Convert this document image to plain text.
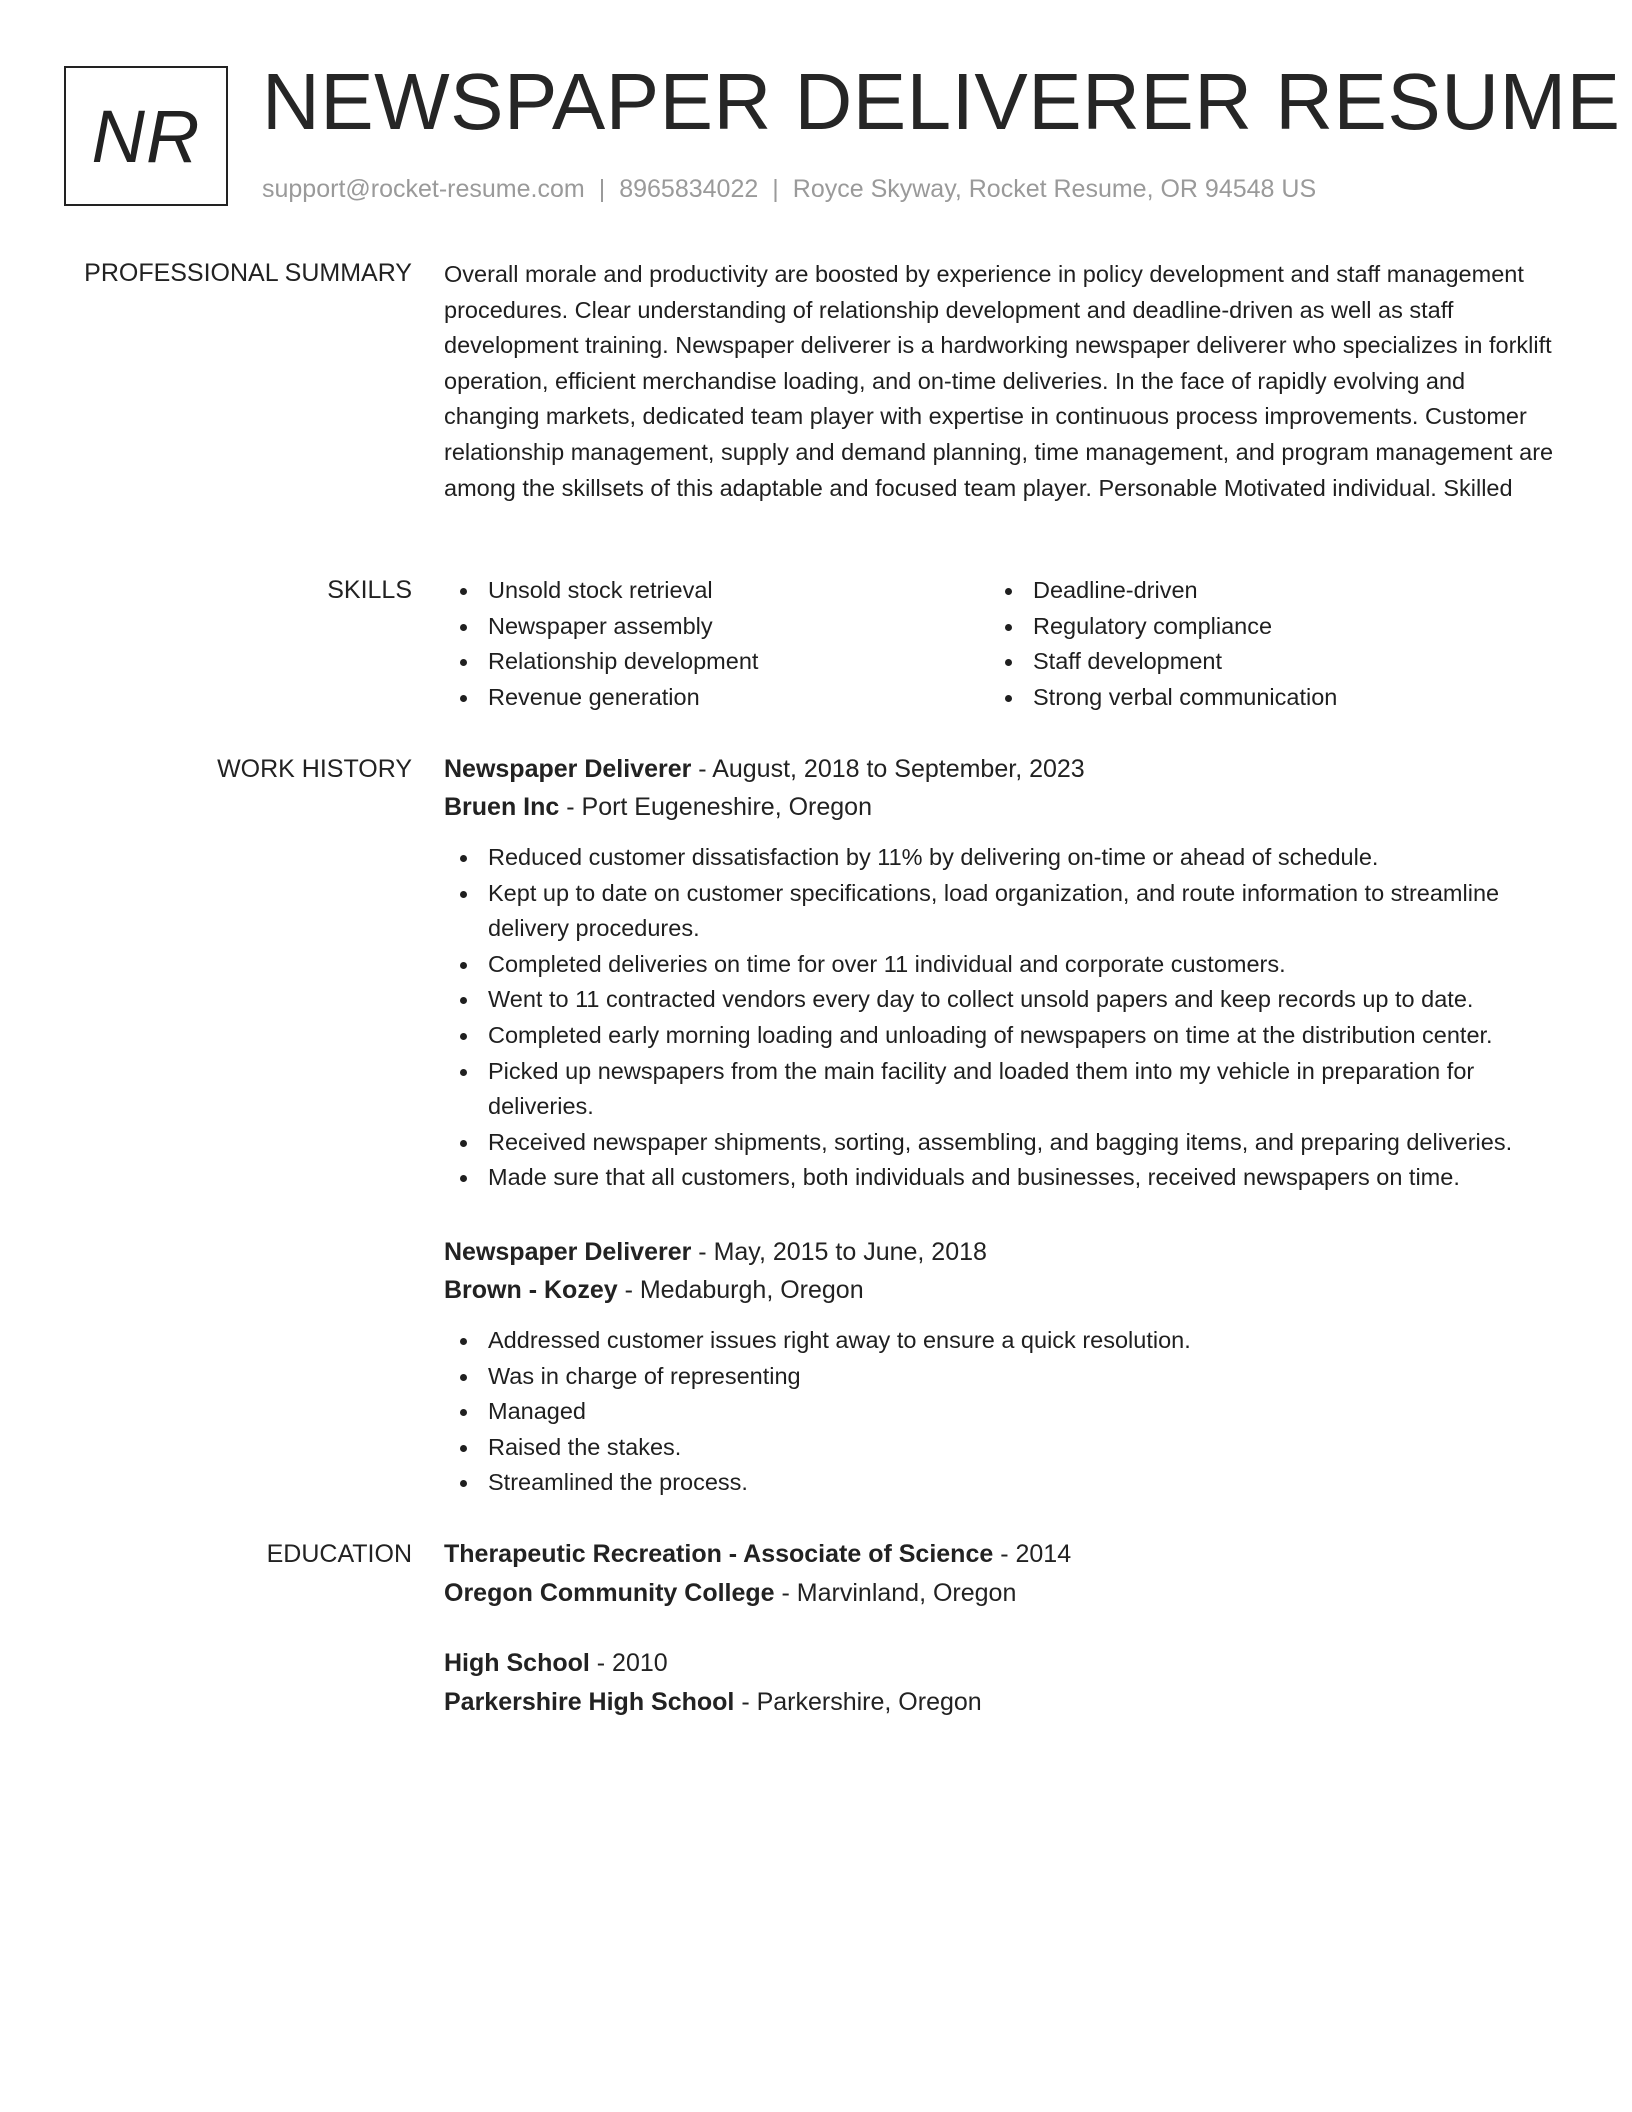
NR NEWSPAPER DELIVERER RESUME
support@rocket-resume.com | 8965834022 | Royce Skyway, Rocket Resume, OR 94548 US
PROFESSIONAL SUMMARY Overall morale and productivity are boosted by experience in policy development and staff management procedures. Clear understanding of relationship development and deadline-driven as well as staff development training. Newspaper deliverer is a hardworking newspaper deliverer who specializes in forklift operation, efficient merchandise loading, and on-time deliveries. In the face of rapidly evolving and changing markets, dedicated team player with expertise in continuous process improvements. Customer relationship management, supply and demand planning, time management, and program management are among the skillsets of this adaptable and focused team player. Personable Motivated individual. Skilled

SKILLS	Unsold stock retrieval
Newspaper assembly
Relationship development
Revenue generation
Deadline-driven
Regulatory compliance
Staff development
Strong verbal communication
WORK HISTORY Newspaper Deliverer - August, 2018 to September, 2023
Bruen Inc - Port Eugeneshire, Oregon
Reduced customer dissatisfaction by 11% by delivering on-time or ahead of schedule.
Kept up to date on customer specifications, load organization, and route information to streamline delivery procedures.
Completed deliveries on time for over 11 individual and corporate customers.
Went to 11 contracted vendors every day to collect unsold papers and keep records up to date.
Completed early morning loading and unloading of newspapers on time at the distribution center.
Picked up newspapers from the main facility and loaded them into my vehicle in preparation for deliveries.
Received newspaper shipments, sorting, assembling, and bagging items, and preparing deliveries.
Made sure that all customers, both individuals and businesses, received newspapers on time.
Newspaper Deliverer - May, 2015 to June, 2018
Brown - Kozey - Medaburgh, Oregon
Addressed customer issues right away to ensure a quick resolution.
Was in charge of representing
Managed
Raised the stakes.
Streamlined the process.
EDUCATION Therapeutic Recreation - Associate of Science - 2014
Oregon Community College - Marvinland, Oregon
High School - 2010
Parkershire High School - Parkershire, Oregon
